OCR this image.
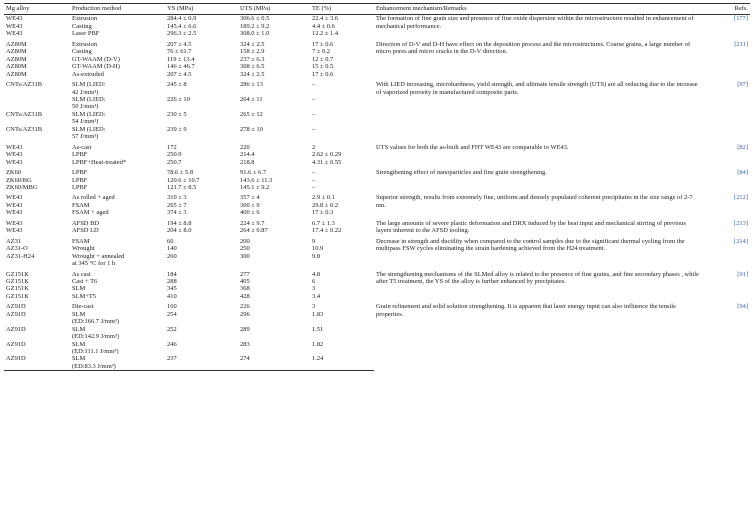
Mg alloy	Production method	YS (MPa)	UTS (MPa)	TE (%)	Enhancement mechanism/Remarks	Refs.
WE43	Extrusion	284.4 ± 0.9	306.6 ± 0.5	22.4 ± 3.6	The formation of fine grain size and presence of fine oxide dispersion within the microstructure resulted in enhancement of mechanical performance.	[177]
WE43	Casting	145.4 ± 6.6	189.2 ± 9.2	4.4 ± 0.6		
WE43	Laser PBF	296.3 ± 2.5	308.0 ± 1.0	12.2 ± 1.4		
AZ80M	Extrusion	207 ± 4.5	324 ± 2.5	17 ± 0.6	Direction of D-V and D-H have effect on the deposition process and the microstructures. Coarse grains, a large number of micro pores and micro cracks in the D-V direction.	[211]
AZ80M	Casting	76 ± 61.7	158 ± 2.9	7 ± 0.2		
AZ80M	GT-WAAM (D-V)	119 ± 13.4	237 ± 6.3	12 ± 0.7		
AZ80M	GT-WAAM (D-H)	146 ± 46.7	308 ± 6.5	15 ± 0.5		
AZ80M	As-extruded	207 ± 4.5	324 ± 2.5	17 ± 0.6		
CNTs/AZ31B	SLM (LIED:
42 J/mm³)	245 ± 8	286 ± 13	–	With LIED increasing, microhardness, yield strength, and ultimate tensile strength (UTS) are all reducing due to the increase of vaporized porosity in manufactured composite parts.	[97]

	SLM (LIED:
50 J/mm³)	226 ± 10	264 ± 11	–		
CNTs/AZ31B	SLM (LIED:
54 J/mm³)	230 ± 5	265 ± 12	–		
CNTs/AZ31B	SLM (LIED:
57 J/mm³)	239 ± 9	278 ± 10	–		
WE43	As-cast	172	220	2	UTS values for both the as-built and FHT WE43 are comparable to WE43.	[82]
WE43	LPBF	250.9	214.4	2.62 ± 0.29		
WE43	LPBF+Heat-treated*	250.7	218.8	4.31 ± 0.55		
ZK60	LPBF	78.6 ± 5.8	91.6 ± 6.7	–	Strengthening effect of nanoparticles and fine grain strengthening.	[84]
ZK60/BG	LPBF	120.6 ± 10.7	143.6 ± 11.3	–		
ZK60/MBG	LPBF	121.7 ± 8.5	145.1 ± 9.2	–		
WE43	As rolled + aged	310 ± 3	357 ± 4	2.9 ± 0.1	Superior strength, results from extremely fine, uniform and densely populated coherent precipitates in the size range of 2-7 nm.	[212]
WE43	FSAM	265 ± 7	300 ± 9	29.8 ± 0.2		
WE43	FSAM + aged	374 ± 3	400 ± 6	17 ± 0.3		
WE43	AFSD BD	194 ± 8.8	224 ± 9.7	6.7 ± 1.3	The large amounts of severe plastic deformation and DRX induced by the heat input and mechanical stirring of previous layers inherent to the AFSD tooling.	[213]
WE43	AFSD LD	204 ± 8.0	264 ± 0.87	17.4 ± 0.22		
AZ31	FSAM	60	200	9	Decrease in strength and ductility when compared to the control samples due to the significant thermal cycling from the multipass FSW cycles eliminating the strain hardening achieved from the H24 treatment.	[214]
AZ31-O	Wrought	140	250	10.9		
AZ31-H24	Wrought + annealed
at 345 °C for 1 h	260	300	9.8		
GZ151K	As cast	184	277	4.8	The strengthening mechanisms of the SLMed alloy is related to the presence of fine grains, and fine secondary phases , while after T5 treatment, the YS of the alloy is further enhanced by precipitates.	[91]
GZ151K	Cast + T6	288	405	6		
GZ151K	SLM	345	368	3		
GZ151K	SLM+T5	410	428	3.4		
AZ91D	Die-cast	160	226	3	Grain refinement and solid solution strengthening. It is apparent that laser energy input can also influence the tensile properties.	[94]
AZ91D	SLM
(ED:166.7 J/mm³)	254	296	1.83		
AZ91D	SLM
(ED:142.9 J/mm³)	252	289	1.51		
AZ91D	SLM
(ED:111.1 J/mm³)	246	283	1.82		
AZ91D	SLM
(ED:83.3 J/mm³)	237	274	1.24		
